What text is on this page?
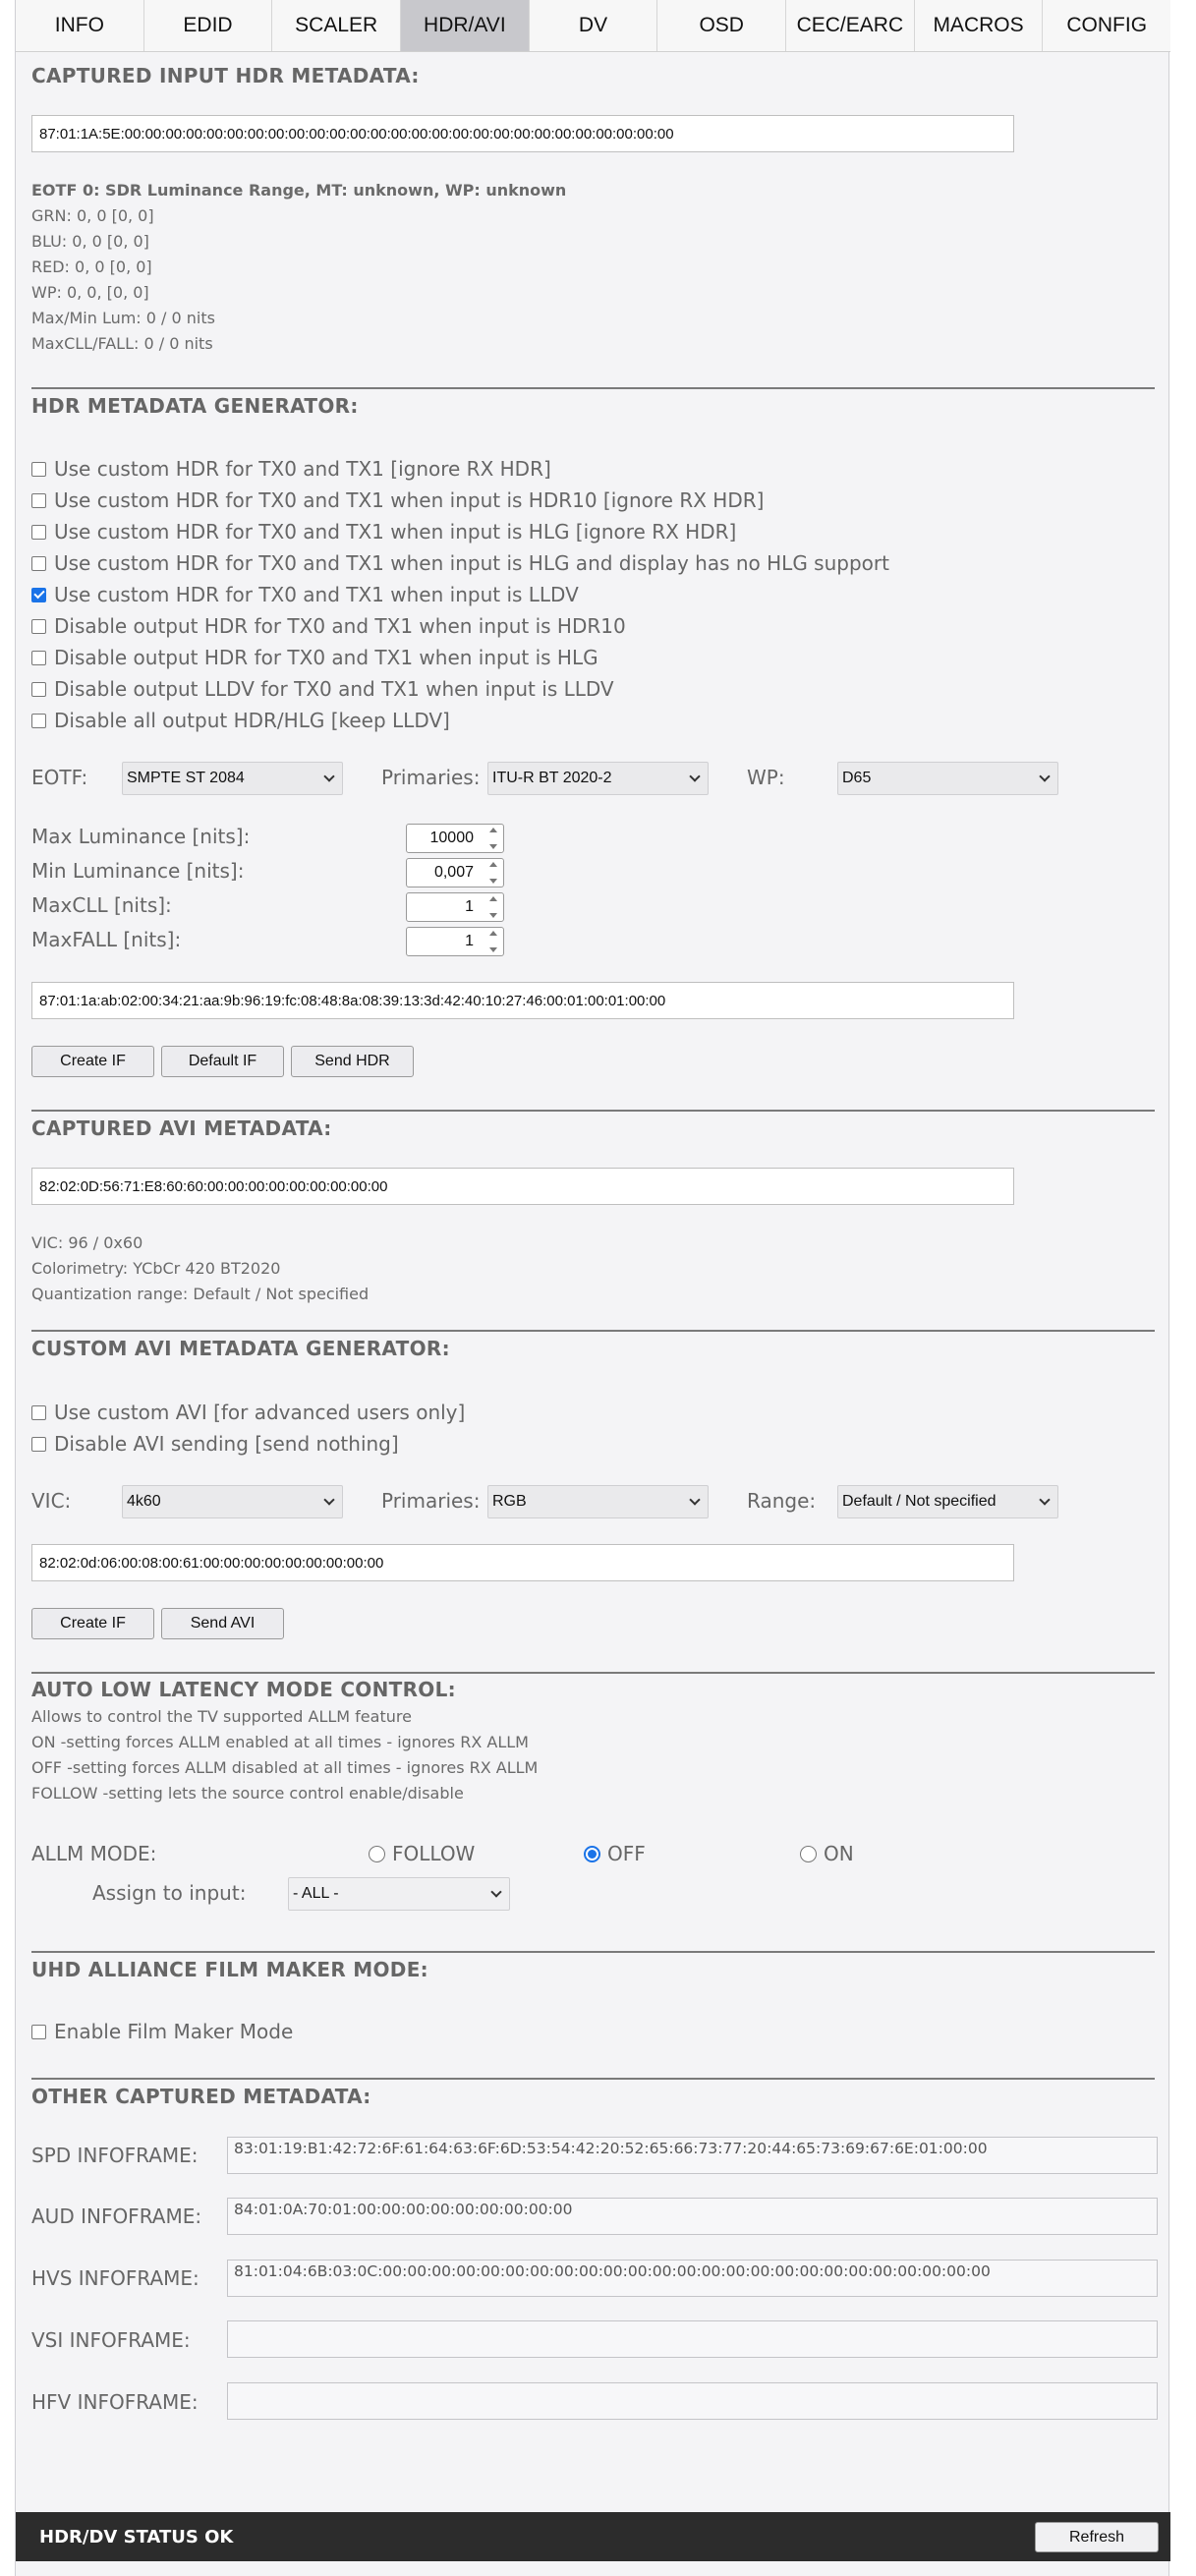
INFO	EDID	SCALER	HDR/AVI	DV	OSD	CEC/EARC	MACROS	CONFIG
CAPTURED INPUT HDR METADATA:
87:01:1A:5E:00:00:00:00:00:00:00:00:00:00:00:00:00:00:00:00:00:00:00:00:00:00:00:00:00:00:00
EOTF 0: SDR Luminance Range, MT: unknown, WP: unknown
GRN: 0, 0 [0, 0]
BLU: 0, 0 [0, 0]
RED: 0, 0 [0, 0]
WP: 0, 0, [0, 0]
Max/Min Lum: 0 / 0 nits
MaxCLL/FALL: 0 / 0 nits
HDR METADATA GENERATOR:
Use custom HDR for TX0 and TX1 [ignore RX HDR]
Use custom HDR for TX0 and TX1 when input is HDR10 [ignore RX HDR]
Use custom HDR for TX0 and TX1 when input is HLG [ignore RX HDR]
Use custom HDR for TX0 and TX1 when input is HLG and display has no HLG support
Use custom HDR for TX0 and TX1 when input is LLDV
Disable output HDR for TX0 and TX1 when input is HDR10
Disable output HDR for TX0 and TX1 when input is HLG
Disable output LLDV for TX0 and TX1 when input is LLDV
Disable all output HDR/HLG [keep LLDV]
EOTF:	SMPTE ST 2084	Primaries: ITU-R BT 2020-2	WP:	D65
Max Luminance [nits]:	10000
Min Luminance [nits]:	0,007
MaxCLL [nits]:	1
MaxFALL [nits]:	1
87:01:1a:ab:02:00:34:21:aa:9b:96:19:fc:08:48:8a:08:39:13:3d:42:40:10:27:46:00:01:00:01:00:00
Create IF	Default IF	Send HDR
CAPTURED AVI METADATA:
82:02:0D:56:71:E8:60:60:00:00:00:00:00:00:00:00:00
VIC: 96 / 0x60
Colorimetry: YCbCr 420 BT2020
Quantization range: Default / Not specified
CUSTOM AVI METADATA GENERATOR:
Use custom AVI [for advanced users only]
Disable AVI sending [send nothing]
VIC:	4k60	Primaries: RGB	Range:	Default / Not specified
82:02:0d:06:00:08:00:61:00:00:00:00:00:00:00:00:00
Create IF	Send AVI
AUTO LOW LATENCY MODE CONTROL:
Allows to control the TV supported ALLM feature
ON -setting forces ALLM enabled at all times - ignores RX ALLM
OFF -setting forces ALLM disabled at all times - ignores RX ALLM
FOLLOW -setting lets the source control enable/disable
ALLM MODE:	FOLLOW	OFF	ON
Assign to input:	- ALL -
UHD ALLIANCE FILM MAKER MODE:
Enable Film Maker Mode
OTHER CAPTURED METADATA:
SPD INFOFRAME:	83:01:19:B1:42:72:6F:61:64:63:6F:6D:53:54:42:20:52:65:66:73:77:20:44:65:73:69:67:6E:01:00:00
AUD INFOFRAME:	84:01:0A:70:01:00:00:00:00:00:00:00:00:00
HVS INFOFRAME:	81:01:04:6B:03:0C:00:00:00:00:00:00:00:00:00:00:00:00:00:00:00:00:00:00:00:00:00:00:00:00:00
VSI INFOFRAME:
HFV INFOFRAME:
HDR/DV STATUS OK	Refresh
